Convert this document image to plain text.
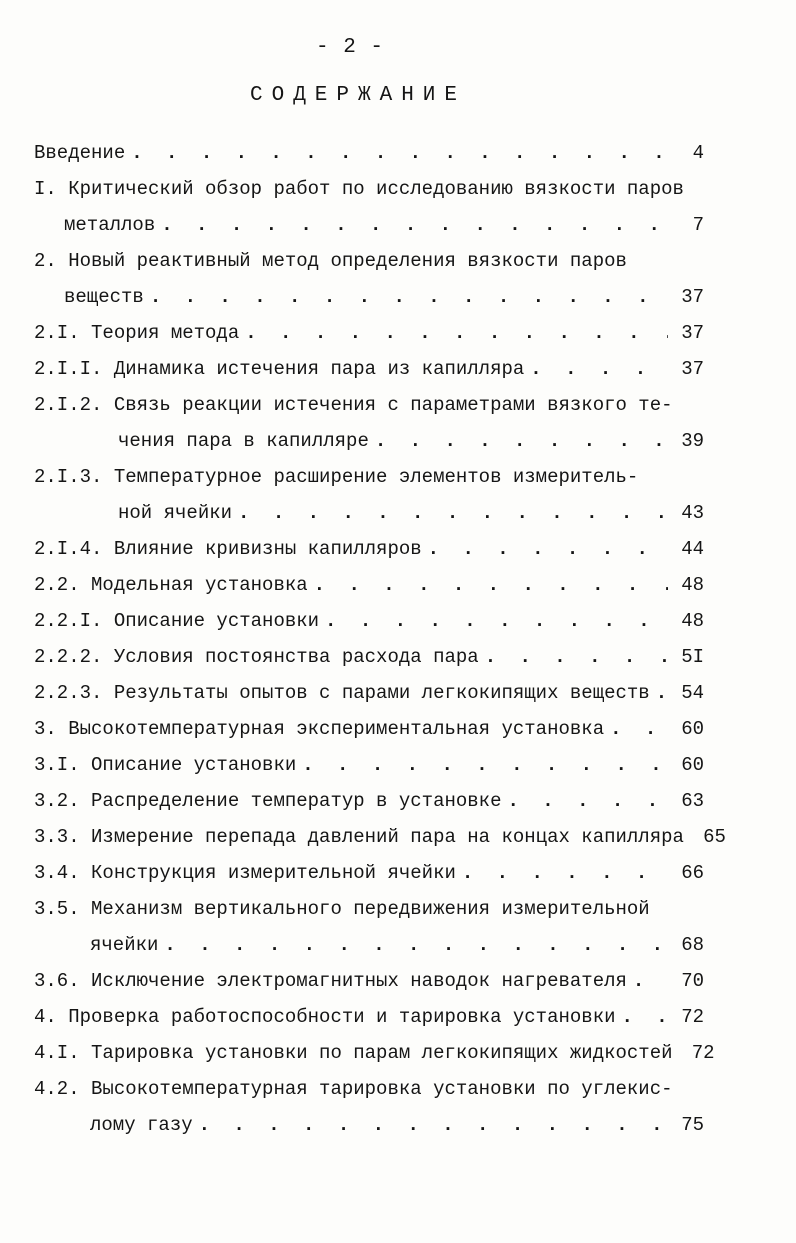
- 2 -
СОДЕРЖАНИЕ
Введение . . .	4
I. Критический обзор работ по исследованию вязкости паров
металлов . . .	7
2. Новый реактивный метод определения вязкости паров
веществ . . .	37
2.I. Теория метода . . .	37
2.I.I. Динамика истечения пара из капилляра . . .	37
2.I.2. Связь реакции истечения с параметрами вязкого те-
чения пара в капилляре . . .	39
2.I.3. Температурное расширение элементов измеритель-
ной ячейки . . .	43
2.I.4. Влияние кривизны капилляров . . .	44
2.2. Модельная установка . . .	48
2.2.I. Описание установки . . .	48
2.2.2. Условия постоянства расхода пара . . .	5I
2.2.3. Результаты опытов с парами легкокипящих веществ . . .	54
3. Высокотемпературная экспериментальная установка . . .	60
3.I. Описание установки . . .	60
3.2. Распределение температур в установке . . .	63
3.3. Измерение перепада давлений пара на концах капилляра . . .	65
3.4. Конструкция измерительной ячейки . . .	66
3.5. Механизм вертикального передвижения измерительной
ячейки . . .	68
3.6. Исключение электромагнитных наводок нагревателя . . .	70
4. Проверка работоспособности и тарировка установки . . .	72
4.I. Тарировка установки по парам легкокипящих жидкостей . . .	72
4.2. Высокотемпературная тарировка установки по углекис-
лому газу . . .	75
